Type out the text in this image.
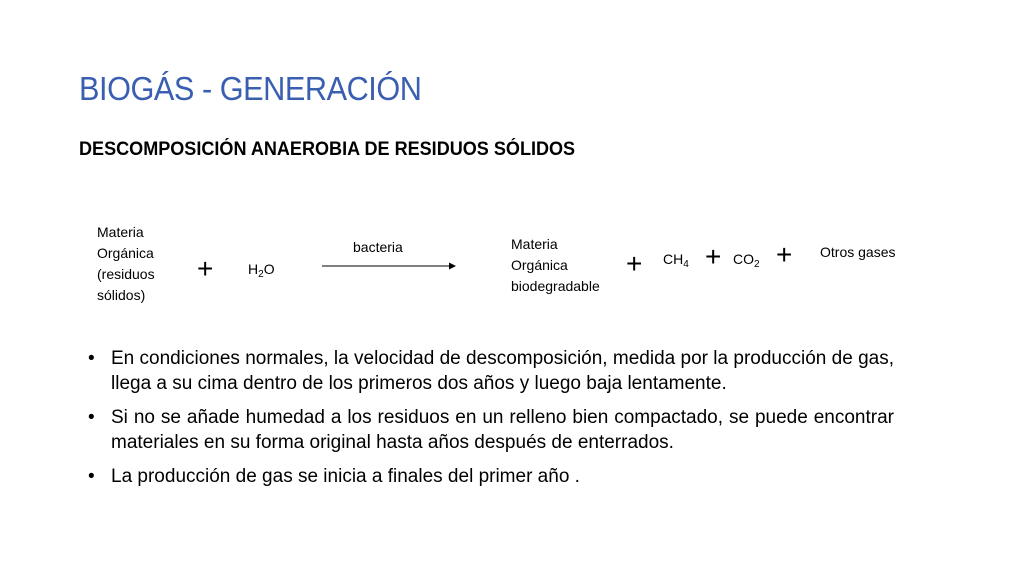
BIOGÁS - GENERACIÓN
DESCOMPOSICIÓN ANAEROBIA DE RESIDUOS SÓLIDOS
Materia
Orgánica
(residuos
sólidos)
+ $H_2O$
bacteria	Materia
Orgánica
biodegradable
+ $CH_4 + CO_2$ + Otros gases
• En condiciones normales, la velocidad de descomposición, medida por la producción de gas, llega a su cima dentro de los primeros dos años y luego baja lentamente.
• Si no se añade humedad a los residuos en un relleno bien compactado, se puede encontrar materiales en su forma original hasta años después de enterrados.
• La producción de gas se inicia a finales del primer año .
